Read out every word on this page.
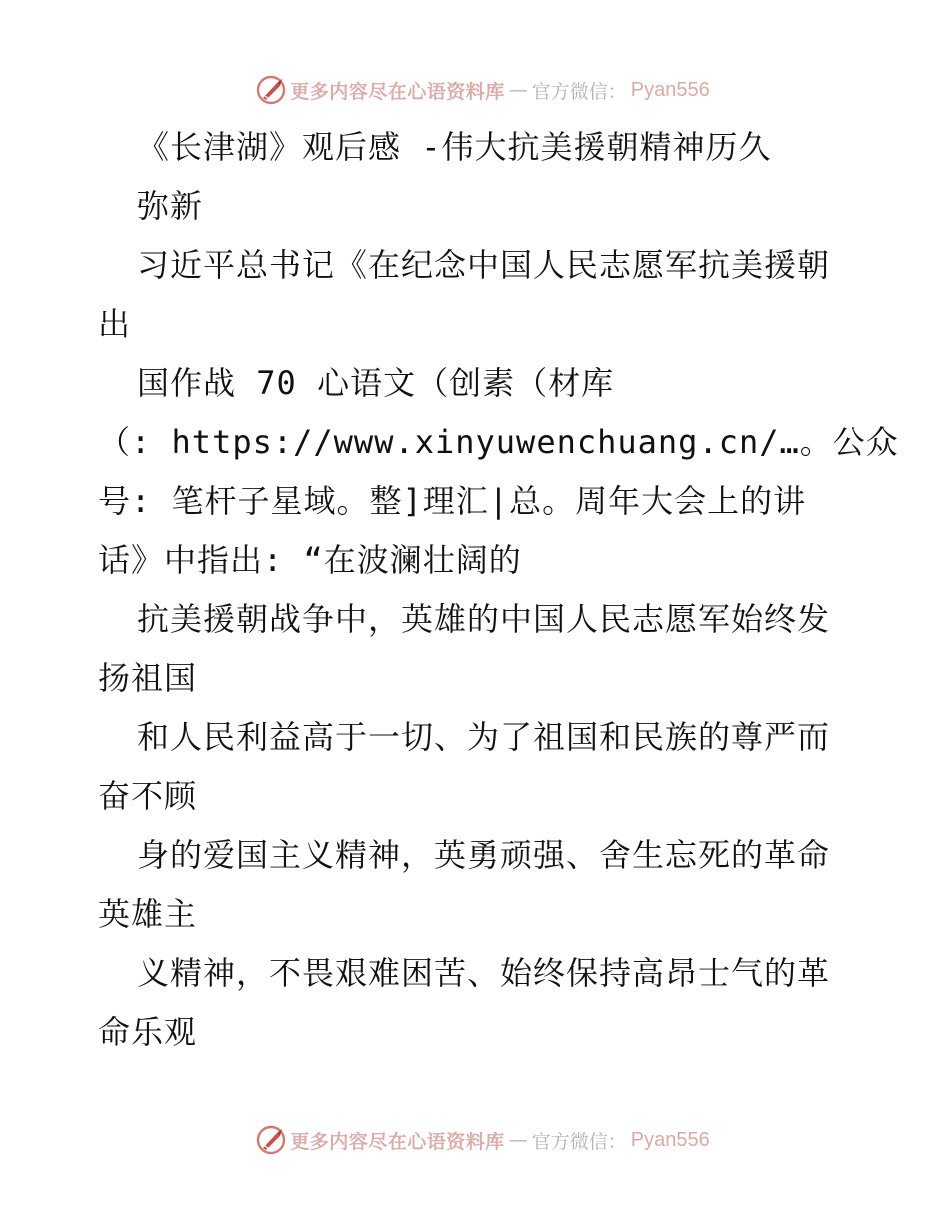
更多内容尽在心语资料库 — 官方微信： Pyan556
《长津湖》观后感 -伟大抗美援朝精神历久
弥新
习近平总书记《在纪念中国人民志愿军抗美援朝
出
国作战 70 心语文（创素（材库
（: https://www.xinyuwenchuang.cn/…。公众
号: 笔杆子星域。整]理汇|总。周年大会上的讲
话》中指出: “在波澜壮阔的
抗美援朝战争中，英雄的中国人民志愿军始终发
扬祖国
和人民利益高于一切、为了祖国和民族的尊严而
奋不顾
身的爱国主义精神，英勇顽强、舍生忘死的革命
英雄主
义精神，不畏艰难困苦、始终保持高昂士气的革
命乐观
更多内容尽在心语资料库 — 官方微信： Pyan556
